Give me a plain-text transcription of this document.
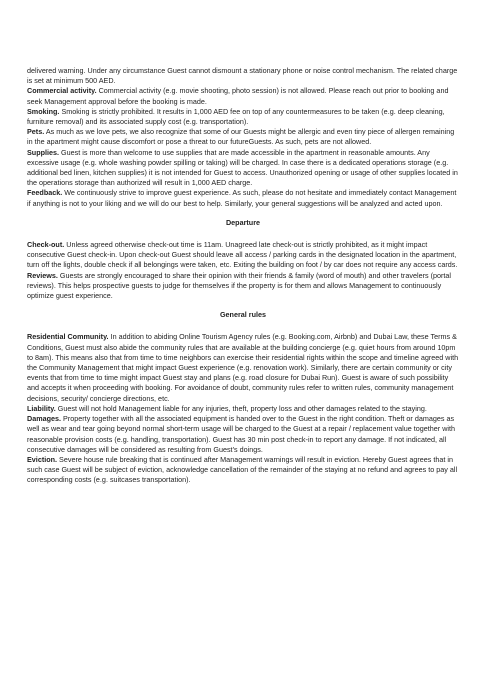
delivered warning. Under any circumstance Guest cannot dismount a stationary phone or noise control mechanism. The related charge is set at minimum 500 AED.

Commercial activity. Commercial activity (e.g. movie shooting, photo session) is not allowed. Please reach out prior to booking and seek Management approval before the booking is made.

Smoking. Smoking is strictly prohibited. It results in 1,000 AED fee on top of any countermeasures to be taken (e.g. deep cleaning, furniture removal) and its associated supply cost (e.g. transportation).

Pets. As much as we love pets, we also recognize that some of our Guests might be allergic and even tiny piece of allergen remaining in the apartment might cause discomfort or pose a threat to our futureGuests. As such, pets are not allowed.

Supplies. Guest is more than welcome to use supplies that are made accessible in the apartment in reasonable amounts. Any excessive usage (e.g. whole washing powder spilling or taking) will be charged. In case there is a dedicated operations storage (e.g. additional bed linen, kitchen supplies) it is not intended for Guest to access. Unauthorized opening or usage of other supplies located in the operations storage than authorized will result in 1,000 AED charge.

Feedback. We continuously strive to improve guest experience. As such, please do not hesitate and immediately contact Management if anything is not to your liking and we will do our best to help. Similarly, your general suggestions will be analyzed and acted upon.

Departure

Check-out. Unless agreed otherwise check-out time is 11am. Unagreed late check-out is strictly prohibited, as it might impact consecutive Guest check-in. Upon check-out Guest should leave all access / parking cards in the designated location in the apartment, turn off the lights, double check if all belongings were taken, etc. Exiting the building on foot / by car does not require any access cards.

Reviews. Guests are strongly encouraged to share their opinion with their friends & family (word of mouth) and other travelers (portal reviews). This helps prospective guests to judge for themselves if the property is for them and allows Management to continuously optimize guest experience.

General rules

Residential Community. In addition to abiding Online Tourism Agency rules (e.g. Booking.com, Airbnb) and Dubai Law, these Terms & Conditions, Guest must also abide the community rules that are available at the building concierge (e.g. quiet hours from around 10pm to 8am). This means also that from time to time neighbors can exercise their residential rights within the scope and timeline agreed with the Community Management that might impact Guest experience (e.g. renovation work). Similarly, there are certain community or city events that from time to time might impact Guest stay and plans (e.g. road closure for Dubai Run). Guest is aware of such possibility and accepts it when proceeding with booking. For avoidance of doubt, community rules refer to written rules, community management decisions, security/ concierge directions, etc.

Liability. Guest will not hold Management liable for any injuries, theft, property loss and other damages related to the staying.

Damages. Property together with all the associated equipment is handed over to the Guest in the right condition. Theft or damages as well as wear and tear going beyond normal short-term usage will be charged to the Guest at a repair / replacement value together with reasonable provision costs (e.g. handling, transportation). Guest has 30 min post check-in to report any damage. If not indicated, all consecutive damages will be considered as resulting from Guest’s doings.

Eviction. Severe house rule breaking that is continued after Management warnings will result in eviction. Hereby Guest agrees that in such case Guest will be subject of eviction, acknowledge cancellation of the remainder of the staying at no refund and agrees to pay all corresponding costs (e.g. suitcases transportation).
